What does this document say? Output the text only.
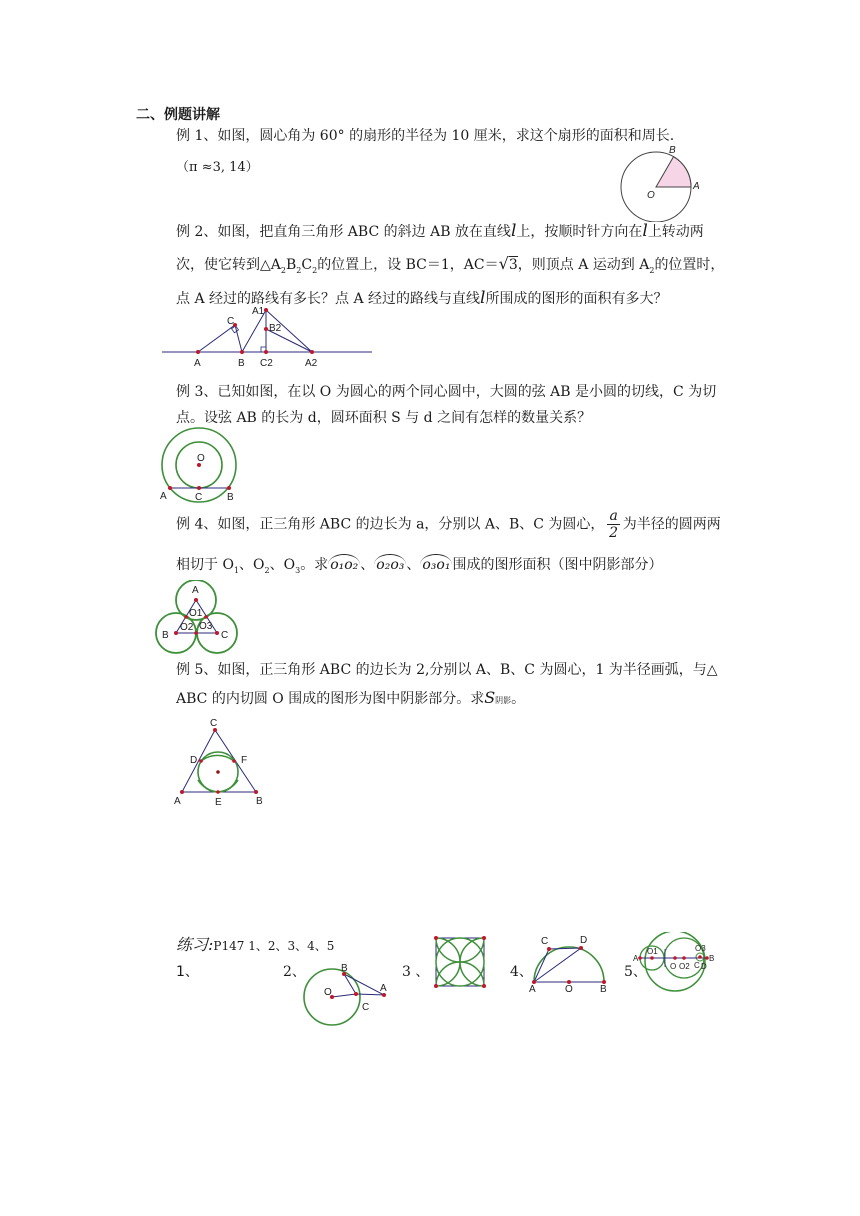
二、例题讲解
例 1、如图，圆心角为 60° 的扇形的半径为 10 厘米，求这个扇形的面积和周长.
（π ≈3, 14）
B
A
O
例 2、如图，把直角三角形 ABC 的斜边 AB 放在直线l上，按顺时针方向在l上转动两
次，使它转到$\triangle A_2B_2C_2$的位置上，设 BC＝1，AC＝√3，则顶点 A 运动到 $A_2$的位置时，
点 A 经过的路线有多长？点 A 经过的路线与直线l所围成的图形的面积有多大？
A1
C
B2
A	B C2	A2
例 3、已知如图，在以 O 为圆心的两个同心圆中，大圆的弦 AB 是小圆的切线，C 为切
点。设弦 AB 的长为 d，圆环面积 S 与 d 之间有怎样的数量关系？
O
A	C B
例 4、如图，正三角形 ABC 的边长为 a，分别以 A、B、C 为圆心， $\frac{a}{2}$ 为半径的圆两两
相切于 $O_1$、$O_2$、$O_3$。求 o₁o₂ 、 o₂o₃ 、 o₃o₁ 围成的图形面积（图中阴影部分）
A
O1
O2 O3
B	C
例 5、如图，正三角形 ABC 的边长为 2,分别以 A、B、C 为圆心，1 为半径画弧，与△
ABC 的内切圆 O 围成的图形为图中阴影部分。求S阴影。
C
D	F
A	E	B
练习:P147 1、2、3、4、5
1、	2、	3 、	4、	5、
B
O	A
C
C	D
A	O	B
A
O1
O O2
O3
C D
B
